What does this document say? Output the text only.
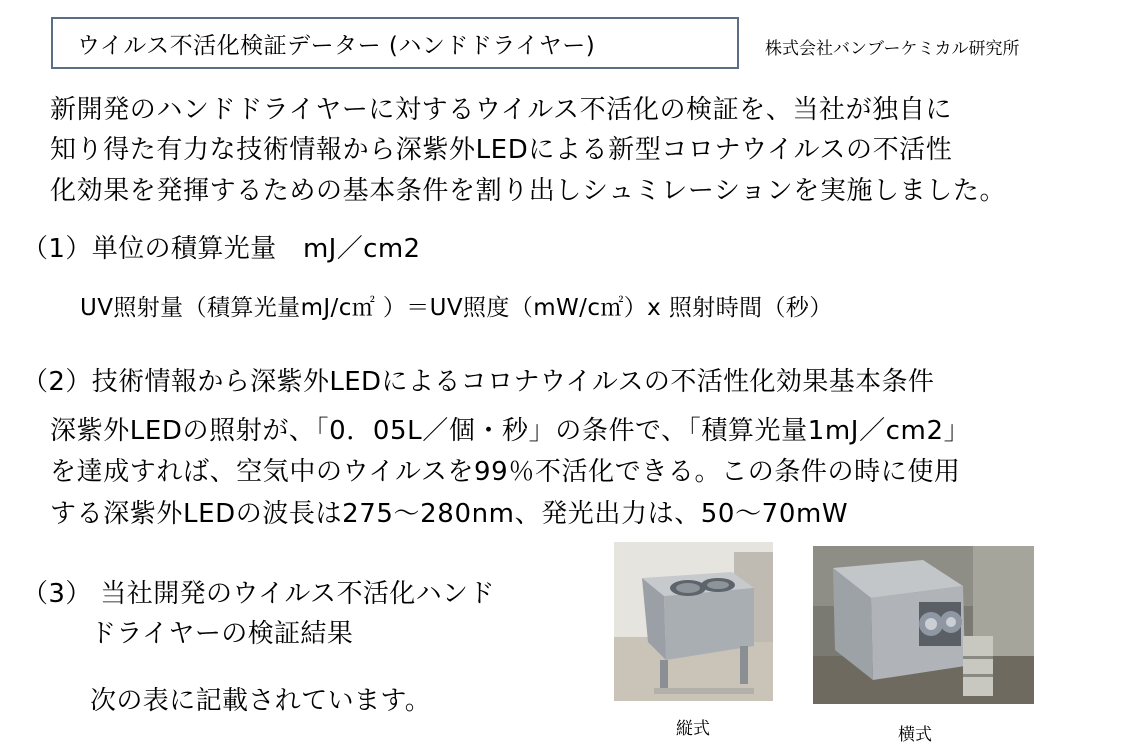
ウイルス不活化検証データー (ハンドドライヤー)	株式会社バンブーケミカル研究所
新開発のハンドドライヤーに対するウイルス不活化の検証を、当社が独自に
知り得た有力な技術情報から深紫外LEDによる新型コロナウイルスの不活性
化効果を発揮するための基本条件を割り出しシュミレーションを実施しました。
（1）単位の積算光量　mJ／cm2
UV照射量（積算光量mJ/c㎡ ）＝UV照度（mW/c㎡）x 照射時間（秒）
（2）技術情報から深紫外LEDによるコロナウイルスの不活性化効果基本条件
深紫外LEDの照射が、「0．05L／個・秒」の条件で、「積算光量1mJ／cm2」
を達成すれば、空気中のウイルスを99％不活化できる。この条件の時に使用
する深紫外LEDの波長は275～280nm、発光出力は、50～70mW
（3） 当社開発のウイルス不活化ハンド
ドライヤーの検証結果
次の表に記載されています。
縦式	横式
